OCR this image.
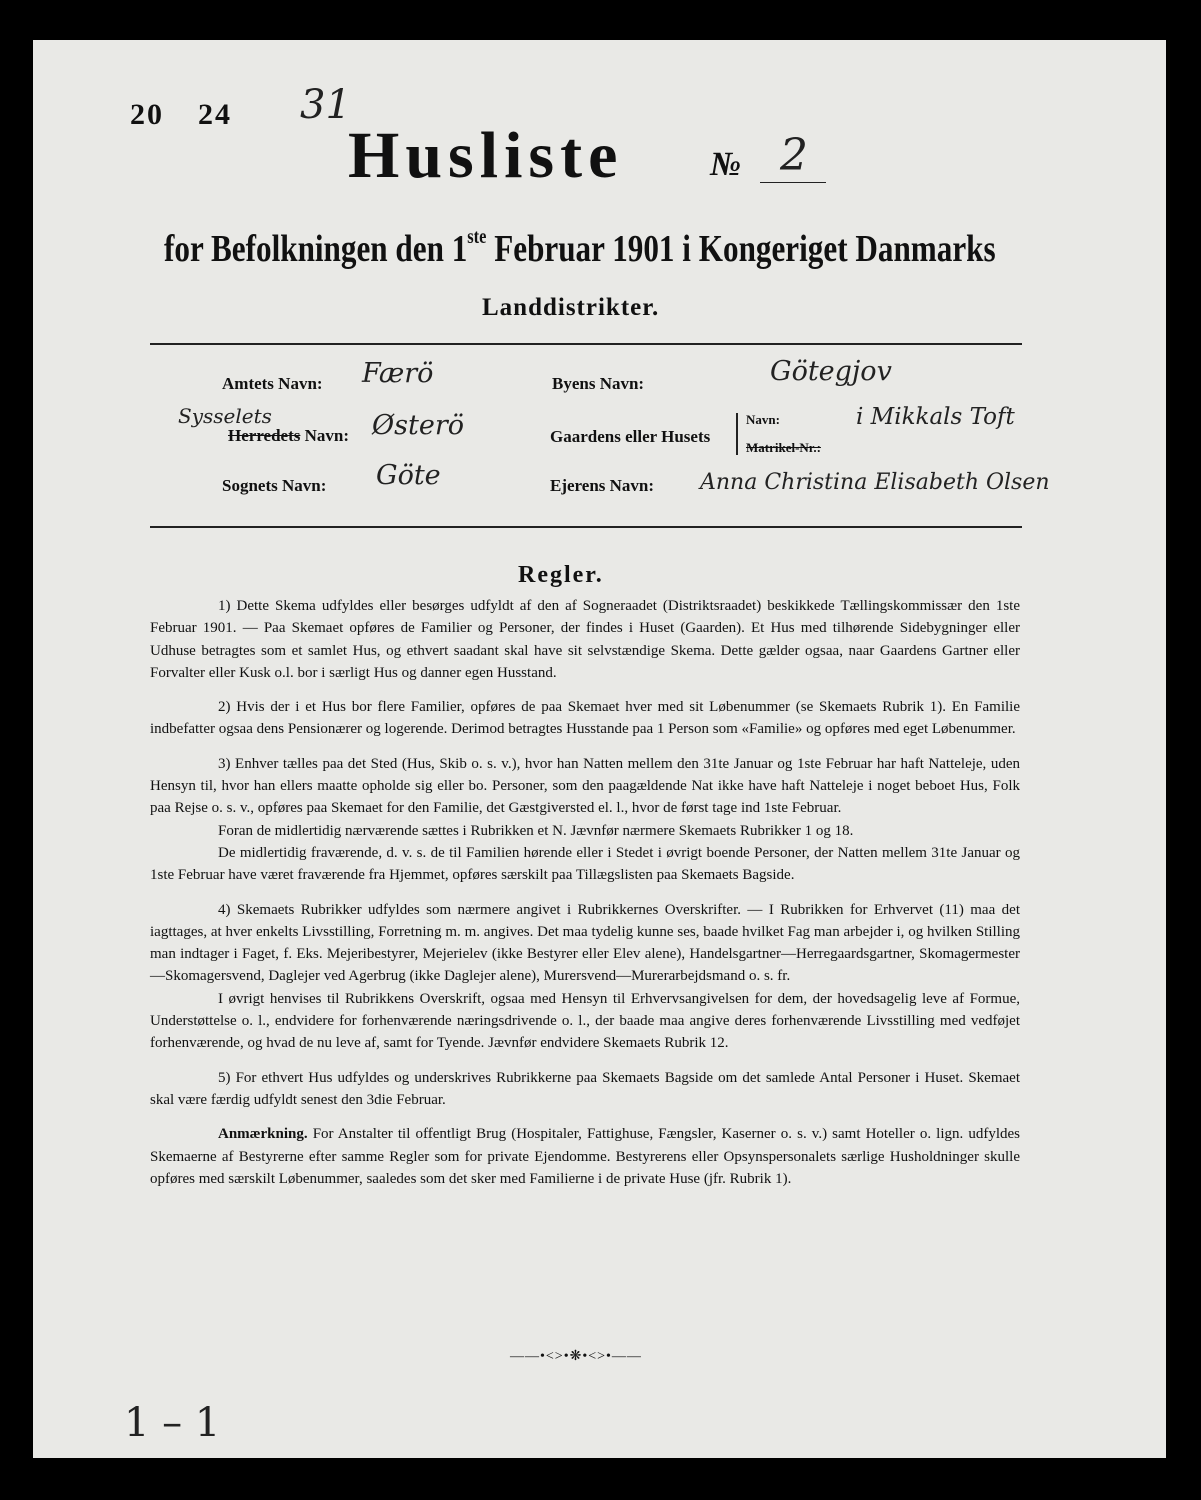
20 24 31
Husliste	№ 2
for Befolkningen den 1ste Februar 1901 i Kongeriget Danmarks
Landdistrikter.
Amtets Navn: Færö
Sysselets
Herredets Navn: Østerö
Sognets Navn: Göte
Byens Navn:	Götegjov
Gaardens eller Husets
Navn:	i Mikkals Toft
Matrikel-Nr.:
Ejerens Navn: Anna Christina Elisabeth Olsen
Regler.

1) Dette Skema udfyldes eller besørges udfyldt af den af Sogneraadet (Distriktsraadet) beskikkede Tællingskommissær den 1ste Februar 1901. — Paa Skemaet opføres de Familier og Personer, der findes i Huset (Gaarden). Et Hus med tilhørende Sidebygninger eller Udhuse betragtes som et samlet Hus, og ethvert saadant skal have sit selvstændige Skema. Dette gælder ogsaa, naar Gaardens Gartner eller Forvalter eller Kusk o.l. bor i særligt Hus og danner egen Husstand.

2) Hvis der i et Hus bor flere Familier, opføres de paa Skemaet hver med sit Løbenummer (se Skemaets Rubrik 1). En Familie indbefatter ogsaa dens Pensionærer og logerende. Derimod betragtes Husstande paa 1 Person som «Familie» og opføres med eget Løbenummer.

3) Enhver tælles paa det Sted (Hus, Skib o. s. v.), hvor han Natten mellem den 31te Januar og 1ste Februar har haft Natteleje, uden Hensyn til, hvor han ellers maatte opholde sig eller bo. Personer, som den paagældende Nat ikke have haft Natteleje i noget beboet Hus, Folk paa Rejse o. s. v., opføres paa Skemaet for den Familie, det Gæstgiversted el. l., hvor de først tage ind 1ste Februar.

Foran de midlertidig nærværende sættes i Rubrikken et N. Jævnfør nærmere Skemaets Rubrikker 1 og 18.

De midlertidig fraværende, d. v. s. de til Familien hørende eller i Stedet i øvrigt boende Personer, der Natten mellem 31te Januar og 1ste Februar have været fraværende fra Hjemmet, opføres særskilt paa Tillægslisten paa Skemaets Bagside.

4) Skemaets Rubrikker udfyldes som nærmere angivet i Rubrikkernes Overskrifter. — I Rubrikken for Erhvervet (11) maa det iagttages, at hver enkelts Livsstilling, Forretning m. m. angives. Det maa tydelig kunne ses, baade hvilket Fag man arbejder i, og hvilken Stilling man indtager i Faget, f. Eks. Mejeribestyrer, Mejerielev (ikke Bestyrer eller Elev alene), Handelsgartner—Herregaardsgartner, Skomagermester—Skomagersvend, Daglejer ved Agerbrug (ikke Daglejer alene), Murersvend—Murerarbejdsmand o. s. fr.

I øvrigt henvises til Rubrikkens Overskrift, ogsaa med Hensyn til Erhvervsangivelsen for dem, der hovedsagelig leve af Formue, Understøttelse o. l., endvidere for forhenværende næringsdrivende o. l., der baade maa angive deres forhenværende Livsstilling med vedføjet forhenværende, og hvad de nu leve af, samt for Tyende. Jævnfør endvidere Skemaets Rubrik 12.

5) For ethvert Hus udfyldes og underskrives Rubrikkerne paa Skemaets Bagside om det samlede Antal Personer i Huset. Skemaet skal være færdig udfyldt senest den 3die Februar.

Anmærkning. For Anstalter til offentligt Brug (Hospitaler, Fattighuse, Fængsler, Kaserner o. s. v.) samt Hoteller o. lign. udfyldes Skemaerne af Bestyrerne efter samme Regler som for private Ejendomme. Bestyrerens eller Opsynspersonalets særlige Husholdninger skulle opføres med særskilt Løbenummer, saaledes som det sker med Familierne i de private Huse (jfr. Rubrik 1).

——•<>•❋•<>•——
1 – 1
